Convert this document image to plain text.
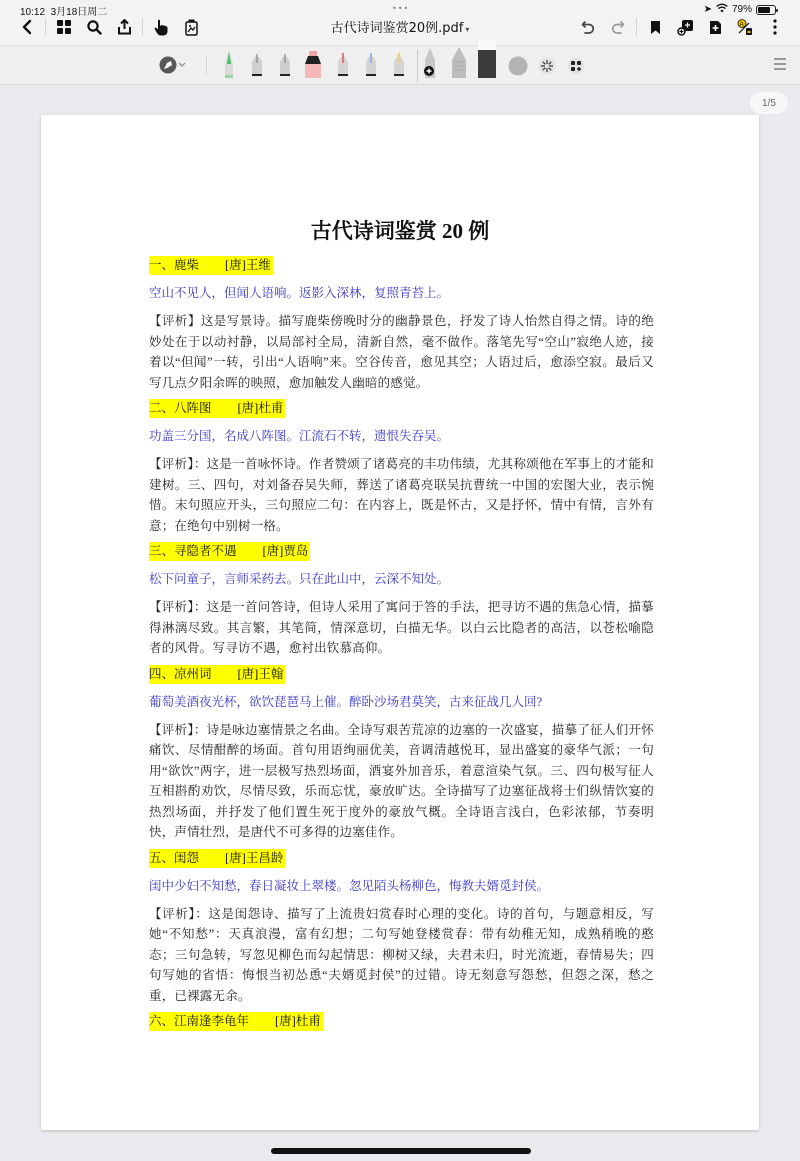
10:12 3月18日周二	•••	➤ 79%
古代诗词鉴赏20例.pdf ▾
A
1/5
古代诗词鉴赏 20 例
一、鹿柴 [唐]王维
空山不见人，但闻人语响。返影入深林，复照青苔上。
【评析】这是写景诗。描写鹿柴傍晚时分的幽静景色，抒发了诗人怡然自得之情。诗的绝妙处在于以动衬静，以局部衬全局，清新自然，毫不做作。落笔先写“空山”寂绝人迹，接着以“但闻”一转，引出“人语响”来。空谷传音，愈见其空；人语过后，愈添空寂。最后又写几点夕阳余晖的映照，愈加触发人幽暗的感觉。
二、八阵图 [唐]杜甫
功盖三分国，名成八阵图。江流石不转，遗恨失吞吴。
【评析】：这是一首咏怀诗。作者赞颂了诸葛亮的丰功伟绩，尤其称颂他在军事上的才能和建树。三、四句，对刘备吞吴失师，葬送了诸葛亮联吴抗曹统一中国的宏图大业，表示惋惜。末句照应开头，三句照应二句：在内容上，既是怀古，又是抒怀，情中有情，言外有意；在绝句中别树一格。
三、寻隐者不遇 [唐]贾岛
松下问童子，言师采药去。只在此山中，云深不知处。
【评析】：这是一首问答诗，但诗人采用了寓问于答的手法，把寻访不遇的焦急心情，描摹得淋漓尽致。其言繁，其笔简，情深意切，白描无华。以白云比隐者的高洁，以苍松喻隐者的风骨。写寻访不遇，愈衬出钦慕高仰。
四、凉州词 [唐]王翰
葡萄美酒夜光杯，欲饮琵琶马上催。醉卧沙场君莫笑，古来征战几人回?
【评析】：诗是咏边塞情景之名曲。全诗写艰苦荒凉的边塞的一次盛宴，描摹了征人们开怀痛饮、尽情酣醉的场面。首句用语绚丽优美，音调清越悦耳，显出盛宴的豪华气派；一句用“欲饮”两字，进一层极写热烈场面，酒宴外加音乐，着意渲染气氛。三、四句极写征人互相斟酌劝饮，尽情尽致，乐而忘忧，豪放旷达。全诗描写了边塞征战将士们纵情饮宴的热烈场面，并抒发了他们置生死于度外的豪放气概。全诗语言浅白，色彩浓郁，节奏明快，声情壮烈，是唐代不可多得的边塞佳作。
五、闺怨 [唐]王昌龄
闺中少妇不知愁，春日凝妆上翠楼。忽见陌头杨柳色，悔教夫婿觅封侯。
【评析】：这是闺怨诗、描写了上流贵妇赏春时心理的变化。诗的首句，与题意相反，写她“不知愁”：天真浪漫，富有幻想；二句写她登楼赏春：带有幼稚无知，成熟稍晚的憨态；三句急转，写忽见柳色而勾起情思：柳树又绿，夫君未归，时光流逝，春情易失；四句写她的省悟：悔恨当初怂恿“夫婿觅封侯”的过错。诗无刻意写怨愁，但怨之深，愁之重，已裸露无余。
六、江南逢李龟年 [唐]杜甫
